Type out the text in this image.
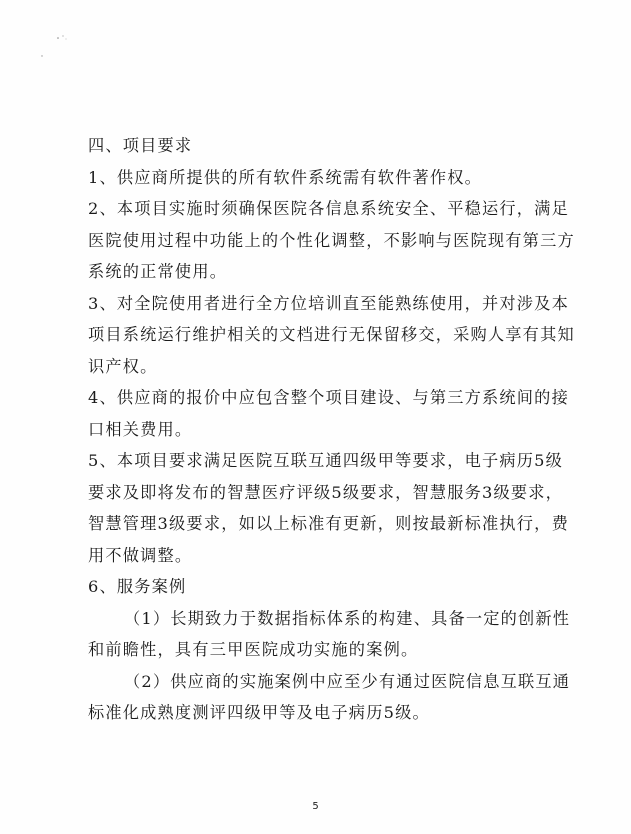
四、项目要求
1、供应商所提供的所有软件系统需有软件著作权。
2、本项目实施时须确保医院各信息系统安全、平稳运行，满足
医院使用过程中功能上的个性化调整，不影响与医院现有第三方
系统的正常使用。
3、对全院使用者进行全方位培训直至能熟练使用，并对涉及本
项目系统运行维护相关的文档进行无保留移交，采购人享有其知
识产权。
4、供应商的报价中应包含整个项目建设、与第三方系统间的接
口相关费用。
5、本项目要求满足医院互联互通四级甲等要求，电子病历5级
要求及即将发布的智慧医疗评级5级要求，智慧服务3级要求，
智慧管理3级要求，如以上标准有更新，则按最新标准执行，费
用不做调整。
6、服务案例
（1）长期致力于数据指标体系的构建、具备一定的创新性
和前瞻性，具有三甲医院成功实施的案例。
（2）供应商的实施案例中应至少有通过医院信息互联互通
标准化成熟度测评四级甲等及电子病历5级。
5
